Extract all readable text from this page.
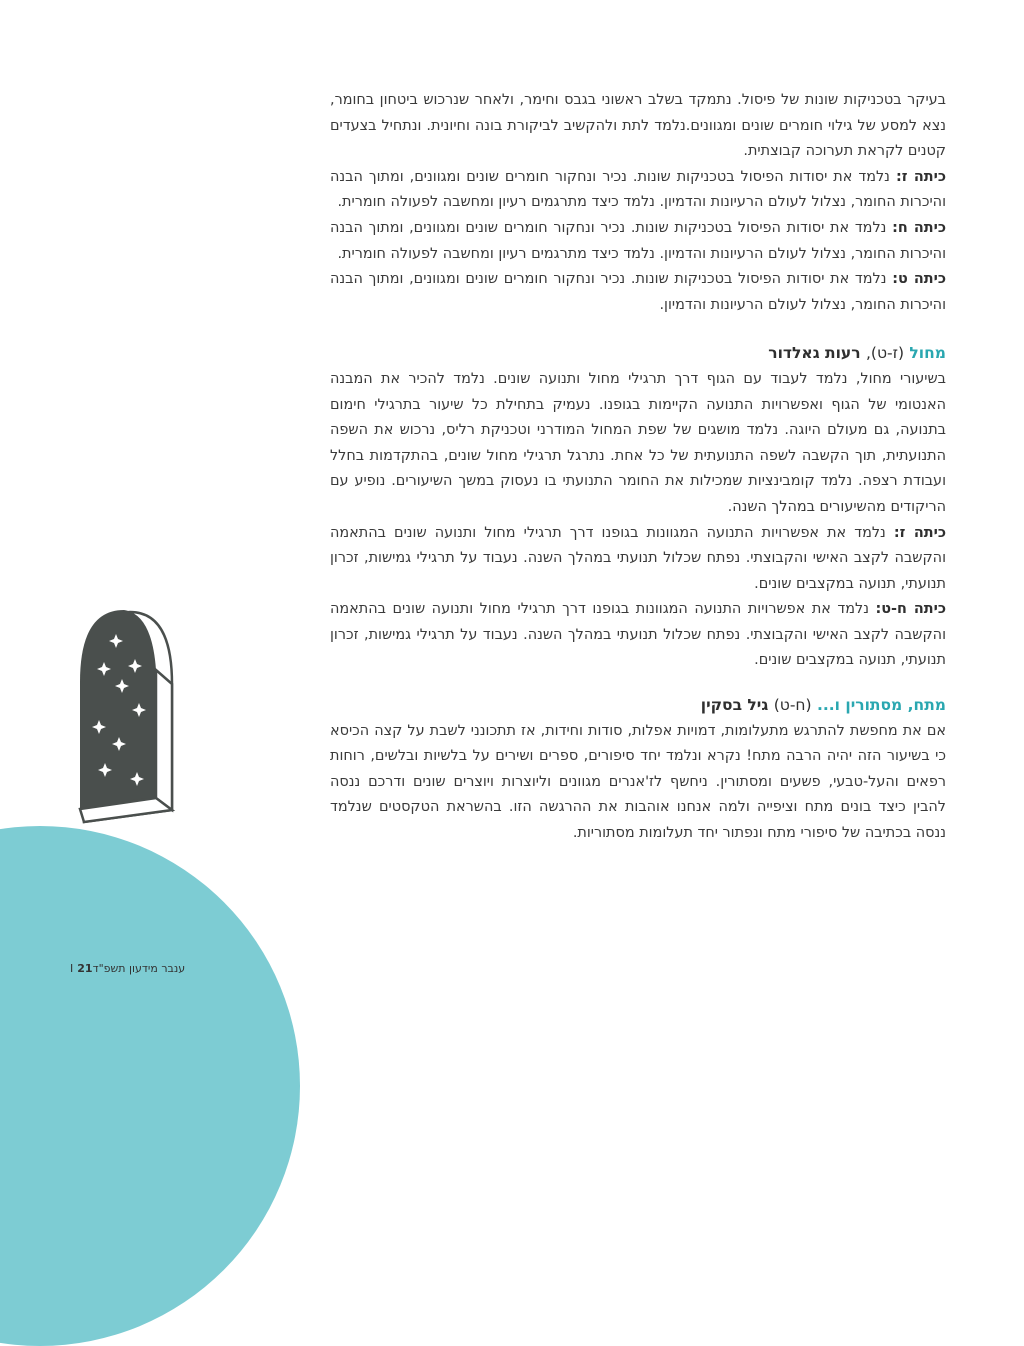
בעיקר בטכניקות שונות של פיסול. נתמקד בשלב ראשוני בגבס וחימר, ולאחר שנרכוש ביטחון בחומר, נצא למסע של גילוי חומרים שונים ומגוונים.נלמד לתת ולהקשיב לביקורת בונה וחיונית. ונתחיל בצעדים קטנים לקראת תערוכה קבוצתית.

כיתה ז: נלמד את יסודות הפיסול בטכניקות שונות. נכיר ונחקור חומרים שונים ומגוונים, ומתוך הבנה והיכרות החומר, נצלול לעולם הרעיונות והדמיון. נלמד כיצד מתרגמים רעיון ומחשבה לפעולה חומרית.

כיתה ח: נלמד את יסודות הפיסול בטכניקות שונות. נכיר ונחקור חומרים שונים ומגוונים, ומתוך הבנה והיכרות החומר, נצלול לעולם הרעיונות והדמיון. נלמד כיצד מתרגמים רעיון ומחשבה לפעולה חומרית.

כיתה ט: נלמד את יסודות הפיסול בטכניקות שונות. נכיר ונחקור חומרים שונים ומגוונים, ומתוך הבנה והיכרות החומר, נצלול לעולם הרעיונות והדמיון.

מחול (ז-ט), רעות גאלדור

בשיעורי מחול, נלמד לעבוד עם הגוף דרך תרגילי מחול ותנועה שונים. נלמד להכיר את המבנה האנטומי של הגוף ואפשרויות התנועה הקיימות בגופנו. נעמיק בתחילת כל שיעור בתרגילי חימום בתנועה, גם מעולם היוגה. נלמד מושגים של שפת המחול המודרני וטכניקת רליס, נרכוש את השפה התנועתית, תוך הקשבה לשפה התנועתית של כל אחת. נתרגל תרגילי מחול שונים, בהתקדמות בחלל ועבודת רצפה. נלמד קומבינציות שמכילות את החומר התנועתי בו נעסוק במשך השיעורים. נופיע עם הריקודים מהשיעורים במהלך השנה.

כיתה ז: נלמד את אפשרויות התנועה המגוונות בגופנו דרך תרגילי מחול ותנועה שונים בהתאמה והקשבה לקצב האישי והקבוצתי. נפתח שכלול תנועתי במהלך השנה. נעבוד על תרגילי גמישות, זכרון תנועתי, תנועה במקצבים שונים.

כיתה ח-ט: נלמד את אפשרויות התנועה המגוונות בגופנו דרך תרגילי מחול ותנועה שונים בהתאמה והקשבה לקצב האישי והקבוצתי. נפתח שכלול תנועתי במהלך השנה. נעבוד על תרגילי גמישות, זכרון תנועתי, תנועה במקצבים שונים.

מתח, מסתורין ו... (ח-ט) גיל בסקין

אם את מחפשת להתרגש מתעלומות, דמויות אפלות, סודות וחידות, אז תתכונני לשבת על קצה הכיסא כי בשיעור הזה יהיה הרבה מתח! נקרא ונלמד יחד סיפורים, ספרים ושירים על בלשיות ובלשים, רוחות רפאים והעל-טבעי, פשעים ומסתורין. ניחשף לז'אנרים מגוונים וליוצרות ויוצרים שונים ודרכם ננסה להבין כיצד בונים מתח וציפייה ולמה אנחנו אוהבות את ההרגשה הזו. בהשראת הטקסטים שנלמד ננסה בכתיבה של סיפורי מתח ונפתור יחד תעלומות מסתוריות.

ענבר מידעון תשפ"דI 21
